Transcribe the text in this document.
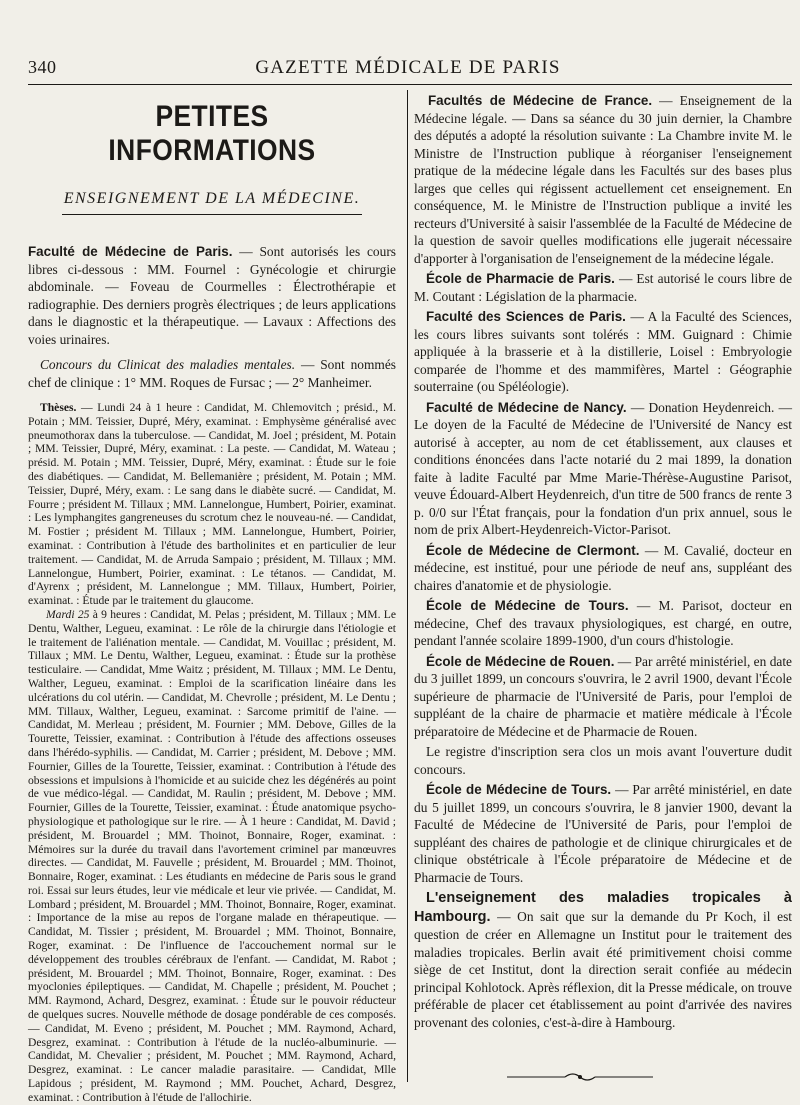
340	GAZETTE MÉDICALE DE PARIS
PETITES INFORMATIONS
ENSEIGNEMENT DE LA MÉDECINE.
Faculté de Médecine de Paris. — Sont autorisés les cours libres ci-dessous : MM. Fournel : Gynécologie et chirurgie abdominale. — Foveau de Courmelles : Électrothérapie et radiographie. Des derniers progrès électriques ; de leurs applications dans le diagnostic et la thérapeutique. — Lavaux : Affections des voies urinaires.
Concours du Clinicat des maladies mentales. — Sont nommés chef de clinique : 1° MM. Roques de Fursac ; — 2° Manheimer.

Thèses. — Lundi 24 à 1 heure : Candidat, M. Chlemovitch ; présid., M. Potain ; MM. Teissier, Dupré, Méry, examinat. : Emphysème généralisé avec pneumothorax dans la tuberculose. — Candidat, M. Joel ; président, M. Potain ; MM. Teissier, Dupré, Méry, examinat. : La peste. — Candidat, M. Wateau ; présid. M. Potain ; MM. Teissier, Dupré, Méry, examinat. : Étude sur le foie des diabétiques. — Candidat, M. Bellemanière ; président, M. Potain ; MM. Teissier, Dupré, Méry, exam. : Le sang dans le diabète sucré. — Candidat, M. Fourre ; président M. Tillaux ; MM. Lannelongue, Humbert, Poirier, examinat. : Les lymphangites gangreneuses du scrotum chez le nouveau-né. — Candidat, M. Fostier ; président M. Tillaux ; MM. Lannelongue, Humbert, Poirier, examinat. : Contribution à l'étude des bartholinites et en particulier de leur traitement. — Candidat, M. de Arruda Sampaio ; président, M. Tillaux ; MM. Lannelongue, Humbert, Poirier, examinat. : Le tétanos. — Candidat, M. d'Ayrenx ; président, M. Lannelongue ; MM. Tillaux, Humbert, Poirier, examinat. : Étude par le traitement du glaucome.

Mardi 25 à 9 heures : Candidat, M. Pelas ; président, M. Tillaux ; MM. Le Dentu, Walther, Legueu, examinat. : Le rôle de la chirurgie dans l'étiologie et le traitement de l'aliénation mentale. — Candidat, M. Vouillac ; président, M. Tillaux ; MM. Le Dentu, Walther, Legueu, examinat. : Étude sur la prothèse testiculaire. — Candidat, Mme Waitz ; président, M. Tillaux ; MM. Le Dentu, Walther, Legueu, examinat. : Emploi de la scarification linéaire dans les ulcérations du col utérin. — Candidat, M. Chevrolle ; président, M. Le Dentu ; MM. Tillaux, Walther, Legueu, examinat. : Sarcome primitif de l'aine. — Candidat, M. Merleau ; président, M. Fournier ; MM. Debove, Gilles de la Tourette, Teissier, examinat. : Contribution à l'étude des affections osseuses dans l'hérédo-syphilis. — Candidat, M. Carrier ; président, M. Debove ; MM. Fournier, Gilles de la Tourette, Teissier, examinat. : Contribution à l'étude des obsessions et impulsions à l'homicide et au suicide chez les dégénérés au point de vue médico-légal. — Candidat, M. Raulin ; président, M. Debove ; MM. Fournier, Gilles de la Tourette, Teissier, examinat. : Étude anatomique psycho-physiologique et pathologique sur le rire. — À 1 heure : Candidat, M. David ; président, M. Brouardel ; MM. Thoinot, Bonnaire, Roger, examinat. : Mémoires sur la durée du travail dans l'avortement criminel par manœuvres directes. — Candidat, M. Fauvelle ; président, M. Brouardel ; MM. Thoinot, Bonnaire, Roger, examinat. : Les étudiants en médecine de Paris sous le grand roi. Essai sur leurs études, leur vie médicale et leur vie privée. — Candidat, M. Lombard ; président, M. Brouardel ; MM. Thoinot, Bonnaire, Roger, examinat. : Importance de la mise au repos de l'organe malade en thérapeutique. — Candidat, M. Tissier ; président, M. Brouardel ; MM. Thoinot, Bonnaire, Roger, examinat. : De l'influence de l'accouchement normal sur le développement des troubles cérébraux de l'enfant. — Candidat, M. Rabot ; président, M. Brouardel ; MM. Thoinot, Bonnaire, Roger, examinat. : Des myoclonies épileptiques. — Candidat, M. Chapelle ; président, M. Pouchet ; MM. Raymond, Achard, Desgrez, examinat. : Étude sur le pouvoir réducteur de quelques sucres. Nouvelle méthode de dosage pondérable de ces composés. — Candidat, M. Eveno ; président, M. Pouchet ; MM. Raymond, Achard, Desgrez, examinat. : Contribution à l'étude de la nucléo-albuminurie. — Candidat, M. Chevalier ; président, M. Pouchet ; MM. Raymond, Achard, Desgrez, examinat. : Le cancer maladie parasitaire. — Candidat, Mlle Lapidous ; président, M. Raymond ; MM. Pouchet, Achard, Desgrez, examinat. : Contribution à l'étude de l'allochirie.

Facultés de Médecine de France. — Enseignement de la Médecine légale. — Dans sa séance du 30 juin dernier, la Chambre des députés a adopté la résolution suivante : La Chambre invite M. le Ministre de l'Instruction publique à réorganiser l'enseignement pratique de la médecine légale dans les Facultés sur des bases plus larges que celles qui régissent actuellement cet enseignement. En conséquence, M. le Ministre de l'Instruction publique a invité les recteurs d'Université à saisir l'assemblée de la Faculté de Médecine de la question de savoir quelles modifications elle jugerait nécessaire d'apporter à l'organisation de l'enseignement de la médecine légale.

École de Pharmacie de Paris. — Est autorisé le cours libre de M. Coutant : Législation de la pharmacie.

Faculté des Sciences de Paris. — A la Faculté des Sciences, les cours libres suivants sont tolérés : MM. Guignard : Chimie appliquée à la brasserie et à la distillerie, Loisel : Embryologie comparée de l'homme et des mammifères, Martel : Géographie souterraine (ou Spéléologie).

Faculté de Médecine de Nancy. — Donation Heydenreich. — Le doyen de la Faculté de Médecine de l'Université de Nancy est autorisé à accepter, au nom de cet établissement, aux clauses et conditions énoncées dans l'acte notarié du 2 mai 1899, la donation faite à ladite Faculté par Mme Marie-Thérèse-Augustine Parisot, veuve Édouard-Albert Heydenreich, d'un titre de 500 francs de rente 3 p. 0/0 sur l'État français, pour la fondation d'un prix annuel, sous le nom de prix Albert-Heydenreich-Victor-Parisot.

École de Médecine de Clermont. — M. Cavalié, docteur en médecine, est institué, pour une période de neuf ans, suppléant des chaires d'anatomie et de physiologie.

École de Médecine de Tours. — M. Parisot, docteur en médecine, Chef des travaux physiologiques, est chargé, en outre, pendant l'année scolaire 1899-1900, d'un cours d'histologie.

École de Médecine de Rouen. — Par arrêté ministériel, en date du 3 juillet 1899, un concours s'ouvrira, le 2 avril 1900, devant l'École supérieure de pharmacie de l'Université de Paris, pour l'emploi de suppléant de la chaire de pharmacie et matière médicale à l'École préparatoire de Médecine et de Pharmacie de Rouen.

Le registre d'inscription sera clos un mois avant l'ouverture dudit concours.

École de Médecine de Tours. — Par arrêté ministériel, en date du 5 juillet 1899, un concours s'ouvrira, le 8 janvier 1900, devant la Faculté de Médecine de l'Université de Paris, pour l'emploi de suppléant des chaires de pathologie et de clinique chirurgicales et de clinique obstétricale à l'École préparatoire de Médecine et de Pharmacie de Tours.

L'enseignement des maladies tropicales à Hambourg. — On sait que sur la demande du Pr Koch, il est question de créer en Allemagne un Institut pour le traitement des maladies tropicales. Berlin avait été primitivement choisi comme siège de cet Institut, dont la direction serait confiée au médecin principal Kohlotock. Après réflexion, dit la Presse médicale, on trouve préférable de placer cet établissement au point d'arrivée des navires provenant des colonies, c'est-à-dire à Hambourg.
